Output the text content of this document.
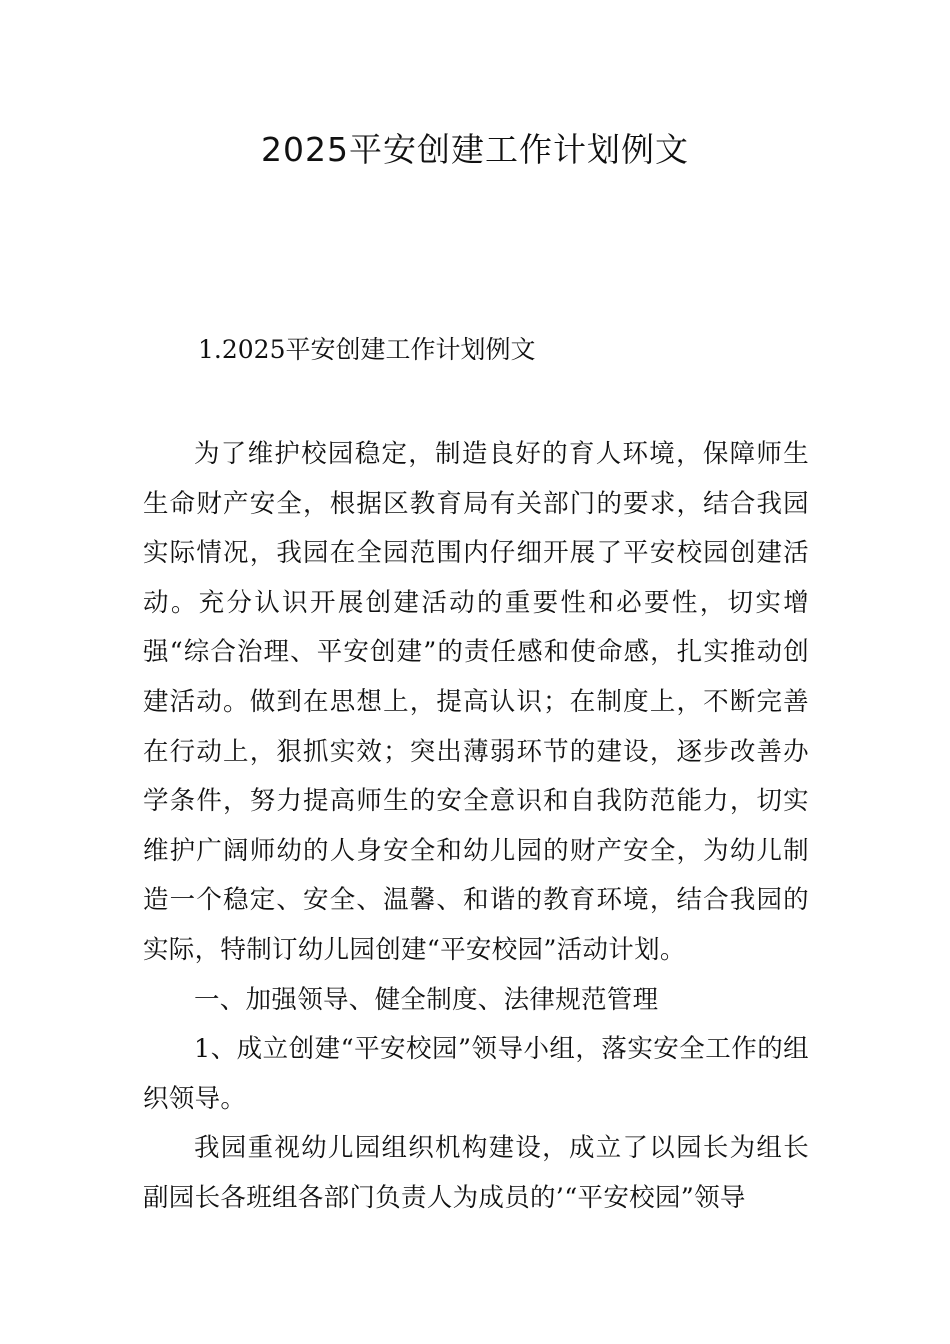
2025平安创建工作计划例文

1.2025平安创建工作计划例文

为了维护校园稳定，制造良好的育人环境，保障师生生命财产安全，根据区教育局有关部门的要求，结合我园实际情况，我园在全园范围内仔细开展了平安校园创建活动。充分认识开展创建活动的重要性和必要性，切实增强“综合治理、平安创建”的责任感和使命感，扎实推动创建活动。做到在思想上，提高认识；在制度上，不断完善在行动上，狠抓实效；突出薄弱环节的建设，逐步改善办学条件，努力提高师生的安全意识和自我防范能力，切实维护广阔师幼的人身安全和幼儿园的财产安全，为幼儿制造一个稳定、安全、温馨、和谐的教育环境，结合我园的实际，特制订幼儿园创建“平安校园”活动计划。

一、加强领导、健全制度、法律规范管理

1、成立创建“平安校园”领导小组，落实安全工作的组织领导。

我园重视幼儿园组织机构建设，成立了以园长为组长副园长各班组各部门负责人为成员的’“平安校园”领导
